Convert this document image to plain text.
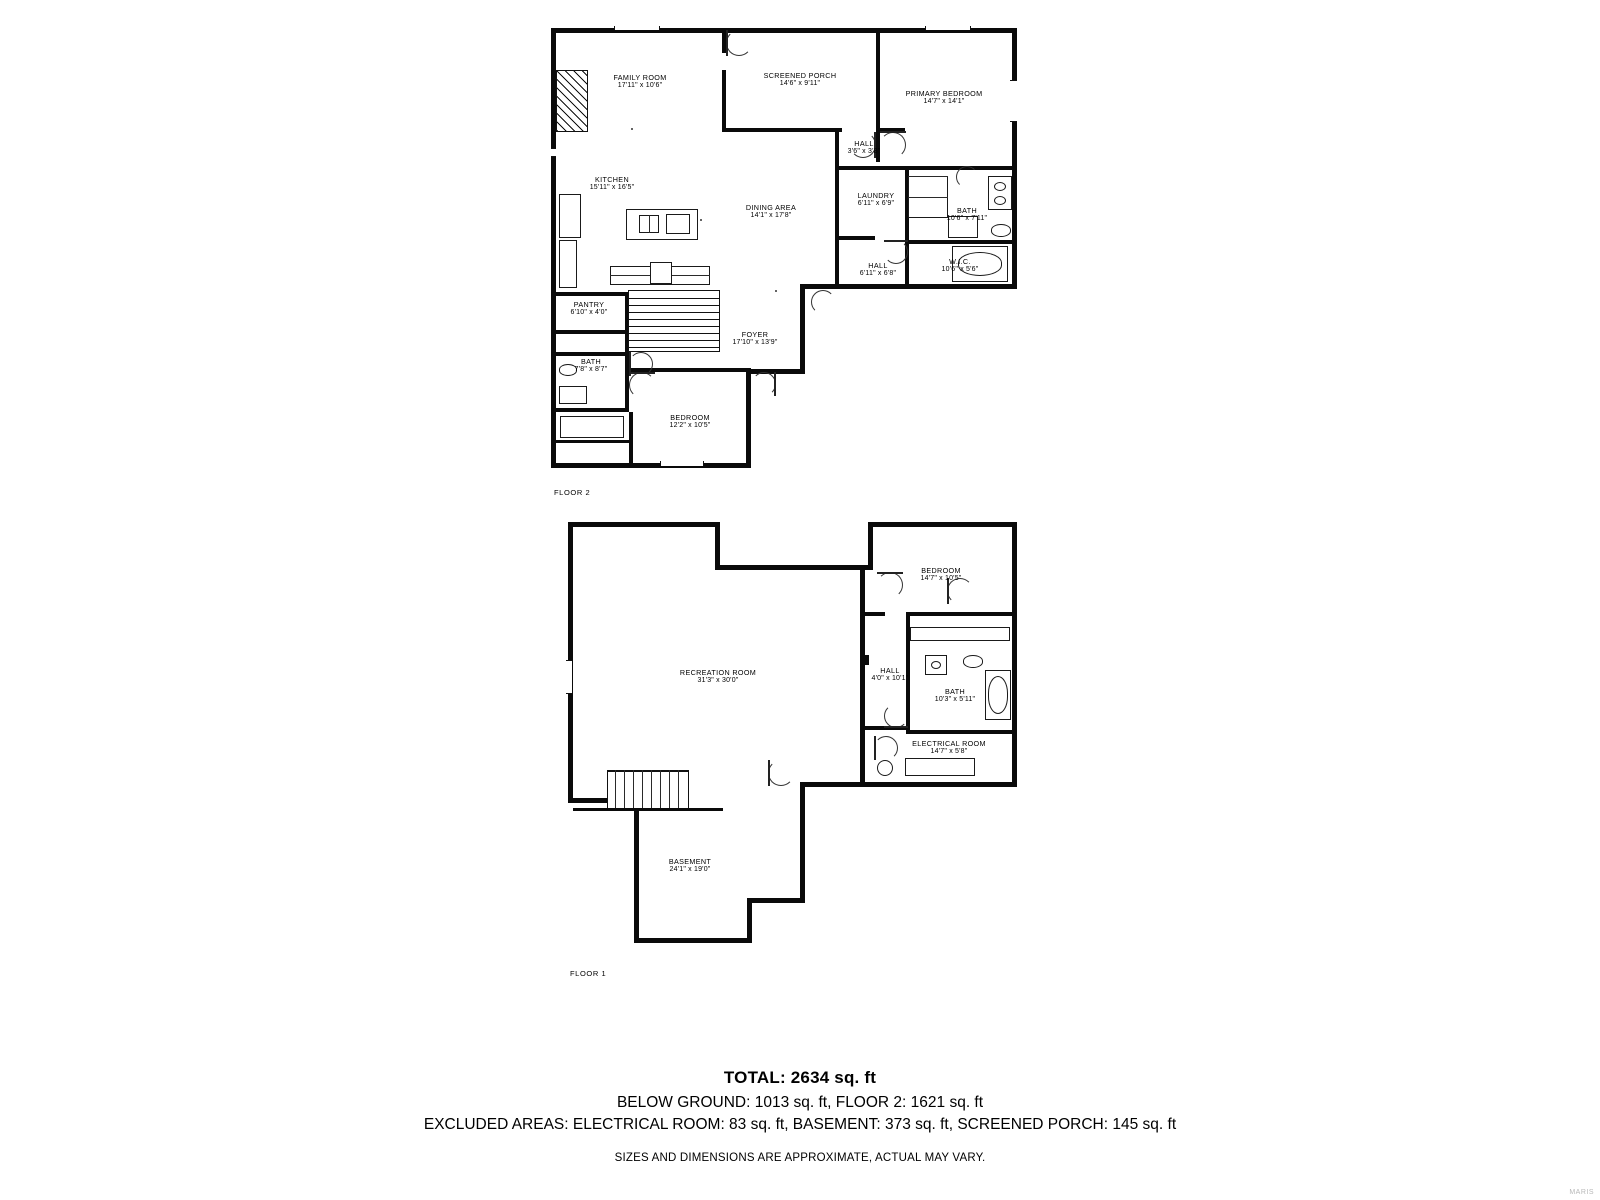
FAMILY ROOM
17'11" x 10'6"
SCREENED PORCH
14'6" x 9'11"
PRIMARY BEDROOM
14'7" x 14'1"
HALL
3'6" x 3'8"
KITCHEN
15'11" x 16'5"
LAUNDRY
6'11" x 6'9"
BATH
10'6" x 7'11"
DINING AREA
14'1" x 17'8"
HALL
6'11" x 6'8"
W.I.C.
10'6" x 5'6"
PANTRY
6'10" x 4'0"
FOYER
17'10" x 13'9"
BATH
7'8" x 8'7"
BEDROOM
12'2" x 10'5"
FLOOR 2
BEDROOM
14'7" x 10'5"
RECREATION ROOM
31'3" x 30'0"
HALL
4'0" x 10'1"
BATH
10'3" x 5'11"
ELECTRICAL ROOM
14'7" x 5'8"
BASEMENT
24'1" x 19'0"
FLOOR 1
TOTAL: 2634 sq. ft
BELOW GROUND: 1013 sq. ft, FLOOR 2: 1621 sq. ft
EXCLUDED AREAS: ELECTRICAL ROOM: 83 sq. ft, BASEMENT: 373 sq. ft, SCREENED PORCH: 145 sq. ft
SIZES AND DIMENSIONS ARE APPROXIMATE, ACTUAL MAY VARY.
MARIS
